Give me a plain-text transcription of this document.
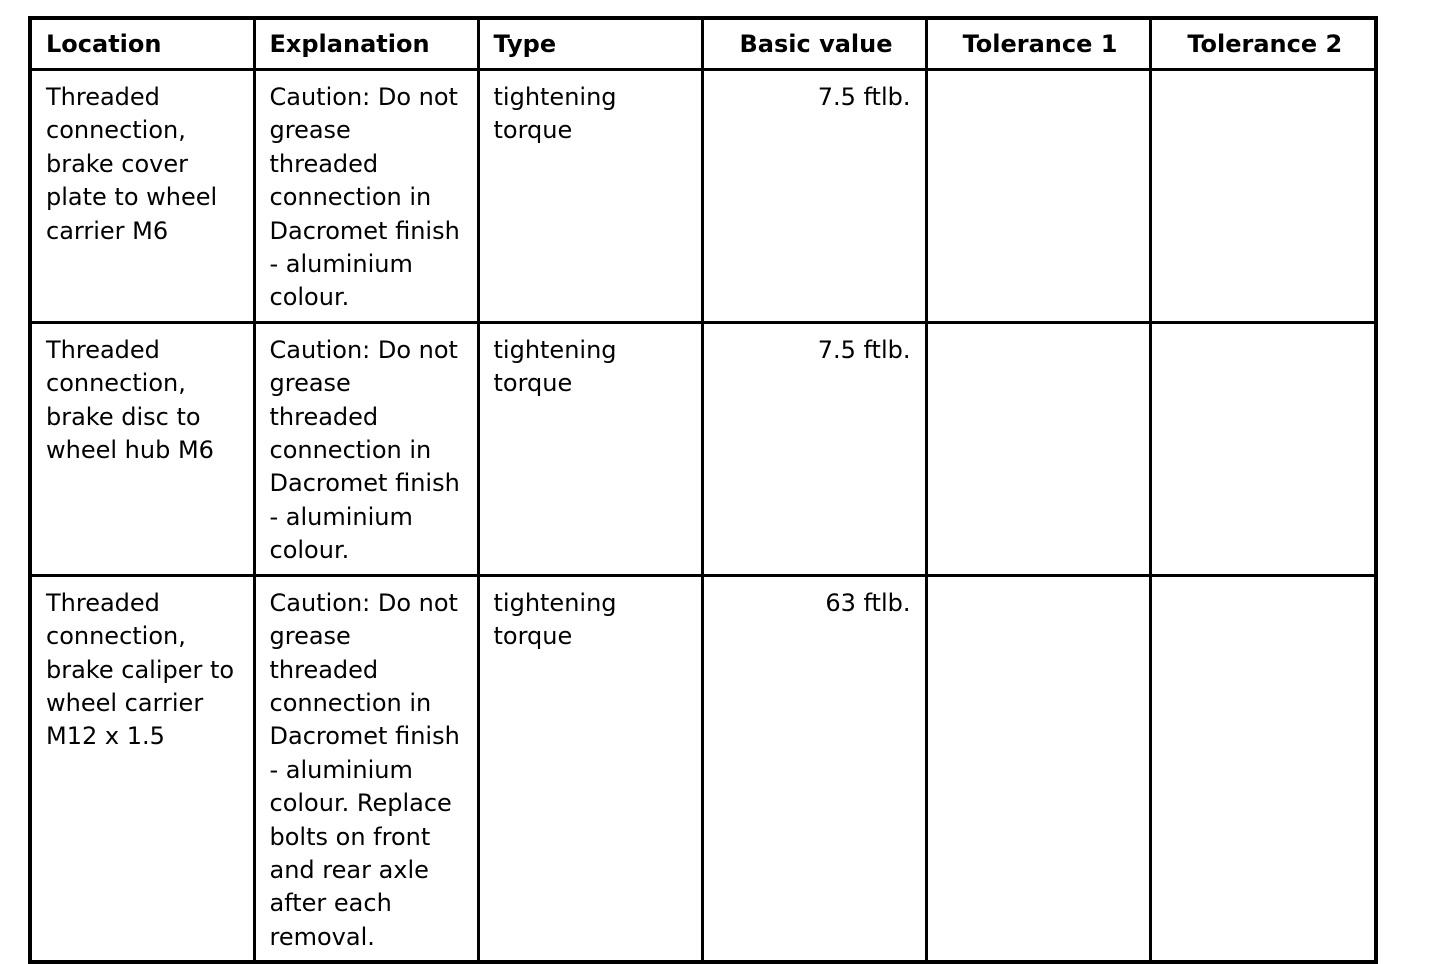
Location	Explanation	Type	Basic value	Tolerance 1	Tolerance 2

Threaded connection, brake cover plate to wheel carrier M6	Caution: Do not grease threaded connection in Dacromet finish - aluminium colour.	tightening torque	7.5 ftlb.		

Threaded connection, brake disc to wheel hub M6	Caution: Do not grease threaded connection in Dacromet finish - aluminium colour.	tightening torque	7.5 ftlb.		

Threaded connection, brake caliper to wheel carrier M12 x 1.5	Caution: Do not grease threaded connection in Dacromet finish - aluminium colour. Replace bolts on front and rear axle after each removal.	tightening torque	63 ftlb.		
